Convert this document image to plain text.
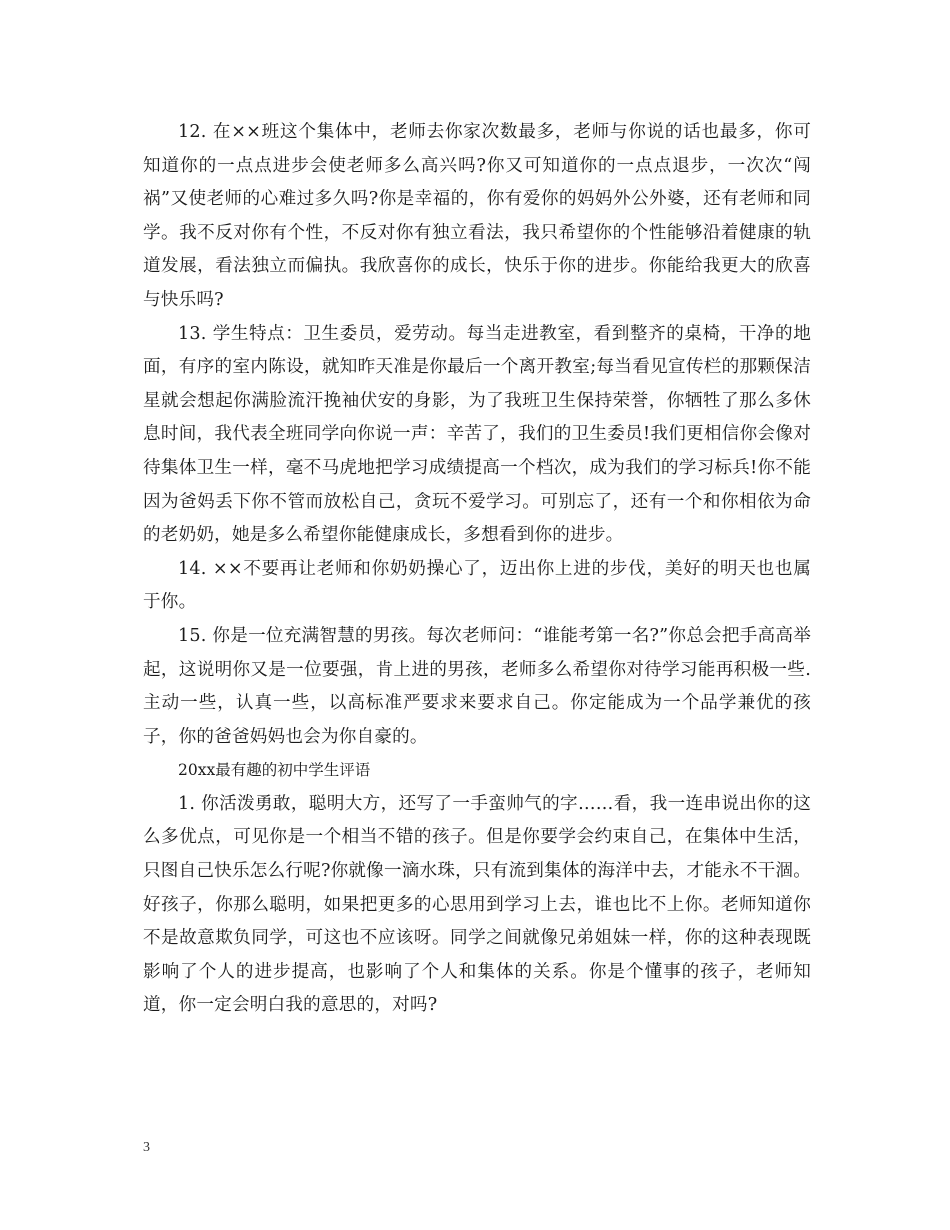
12. 在××班这个集体中，老师去你家次数最多，老师与你说的话也最多，你可知道你的一点点进步会使老师多么高兴吗?你又可知道你的一点点退步，一次次“闯祸”又使老师的心难过多久吗?你是幸福的，你有爱你的妈妈外公外婆，还有老师和同学。我不反对你有个性，不反对你有独立看法，我只希望你的个性能够沿着健康的轨道发展，看法独立而偏执。我欣喜你的成长，快乐于你的进步。你能给我更大的欣喜与快乐吗?

13. 学生特点：卫生委员，爱劳动。每当走进教室，看到整齐的桌椅，干净的地面，有序的室内陈设，就知昨天准是你最后一个离开教室;每当看见宣传栏的那颗保洁星就会想起你满脸流汗挽袖伏安的身影，为了我班卫生保持荣誉，你牺牲了那么多休息时间，我代表全班同学向你说一声：辛苦了，我们的卫生委员!我们更相信你会像对待集体卫生一样，毫不马虎地把学习成绩提高一个档次，成为我们的学习标兵!你不能因为爸妈丢下你不管而放松自己，贪玩不爱学习。可别忘了，还有一个和你相依为命的老奶奶，她是多么希望你能健康成长，多想看到你的进步。

14. ××不要再让老师和你奶奶操心了，迈出你上进的步伐，美好的明天也也属于你。

15. 你是一位充满智慧的男孩。每次老师问：“谁能考第一名?”你总会把手高高举起，这说明你又是一位要强，肯上进的男孩，老师多么希望你对待学习能再积极一些.主动一些，认真一些，以高标准严要求来要求自己。你定能成为一个品学兼优的孩子，你的爸爸妈妈也会为你自豪的。

20xx最有趣的初中学生评语

1. 你活泼勇敢，聪明大方，还写了一手蛮帅气的字……看，我一连串说出你的这么多优点，可见你是一个相当不错的孩子。但是你要学会约束自己，在集体中生活，只图自己快乐怎么行呢?你就像一滴水珠，只有流到集体的海洋中去，才能永不干涸。好孩子，你那么聪明，如果把更多的心思用到学习上去，谁也比不上你。老师知道你不是故意欺负同学，可这也不应该呀。同学之间就像兄弟姐妹一样，你的这种表现既影响了个人的进步提高，也影响了个人和集体的关系。你是个懂事的孩子，老师知道，你一定会明白我的意思的，对吗?

3
